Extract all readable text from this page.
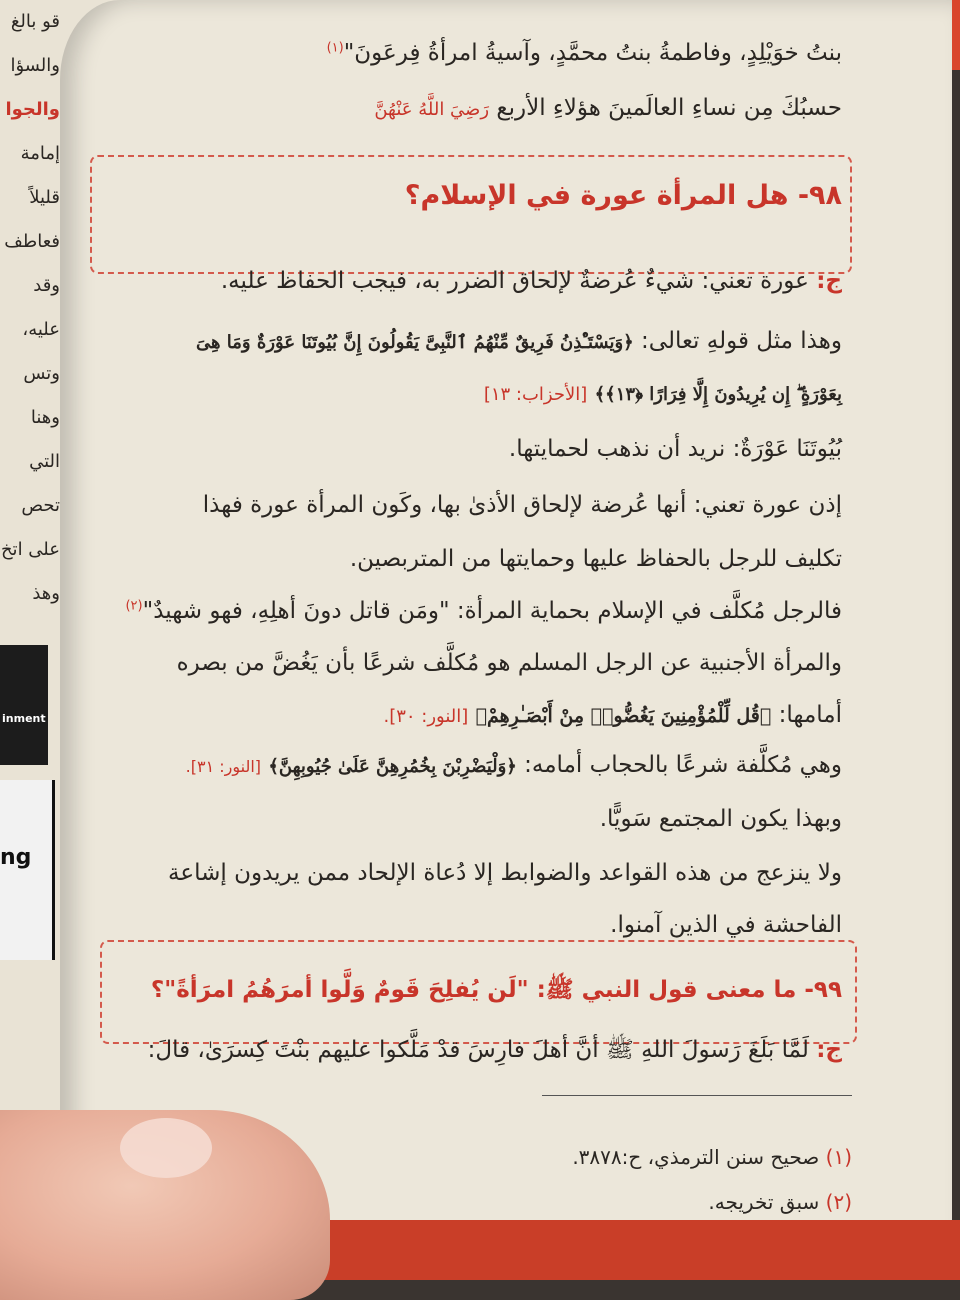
قو بالغ
والسؤا
والجوا
إمامة قليلاً
فعاطف
وقد
عليه، وتس
وهنا
التي تحص
على اتخ
وهذ
inment
ng
بنتُ خوَيْلِدٍ، وفاطمةُ بنتُ محمَّدٍ، وآسيةُ امرأةُ فِرعَونَ"$^{(١)}$
حسبُكَ مِن نساءِ العالَمينَ هؤلاءِ الأربع رَضِيَ اللَّهُ عَنْهُنَّ
٩٨- هل المرأة عورة في الإسلام؟
ج: عورة تعني: شيءٌ عُرضةٌ لإلحاق الضرر به، فيجب الحفاظ عليه.
وهذا مثل قولهِ تعالى: ﴿وَيَسْتَـْٔذِنُ فَرِيقٌ مِّنْهُمُ ٱلنَّبِىَّ يَقُولُونَ إِنَّ بُيُوتَنَا عَوْرَةٌ وَمَا هِىَ
بِعَوْرَةٍ ۖ إِن يُرِيدُونَ إِلَّا فِرَارًا ﴿١٣﴾﴾ [الأحزاب: ١٣]
بُيُوتَنَا عَوْرَةٌ: نريد أن نذهب لحمايتها.
إذن عورة تعني: أنها عُرضة لإلحاق الأذىٰ بها، وكَون المرأة عورة فهذا
تكليف للرجل بالحفاظ عليها وحمايتها من المتربصين.
فالرجل مُكلَّف في الإسلام بحماية المرأة: "ومَن قاتل دونَ أهلِهِ، فهو شهيدٌ"$^{(٢)}$
والمرأة الأجنبية عن الرجل المسلم هو مُكلَّف شرعًا بأن يَغُضَّ من بصره
أمامها: ﴿قُل لِّلْمُؤْمِنِينَ يَغُضُّوا۟ مِنْ أَبْصَـٰرِهِمْ﴾ [النور: ٣٠].
وهي مُكلَّفة شرعًا بالحجاب أمامه: ﴿وَلْيَضْرِبْنَ بِخُمُرِهِنَّ عَلَىٰ جُيُوبِهِنَّ﴾ [النور: ٣١].
وبهذا يكون المجتمع سَويًّا.
ولا ينزعج من هذه القواعد والضوابط إلا دُعاة الإلحاد ممن يريدون إشاعة
الفاحشة في الذين آمنوا.
٩٩- ما معنى قول النبي ﷺ: "لَن يُفلِحَ قَومٌ وَلَّوا أمرَهُمُ امرَأةً"؟
ج: لَمَّا بَلَغَ رَسولَ اللهِ ﷺ أنَّ أهلَ فارِسَ قدْ مَلَّكوا عليهم بنْتَ كِسرَىٰ، قالَ:
(١) صحيح سنن الترمذي، ح:٣٨٧٨.
(٢) سبق تخريجه.
